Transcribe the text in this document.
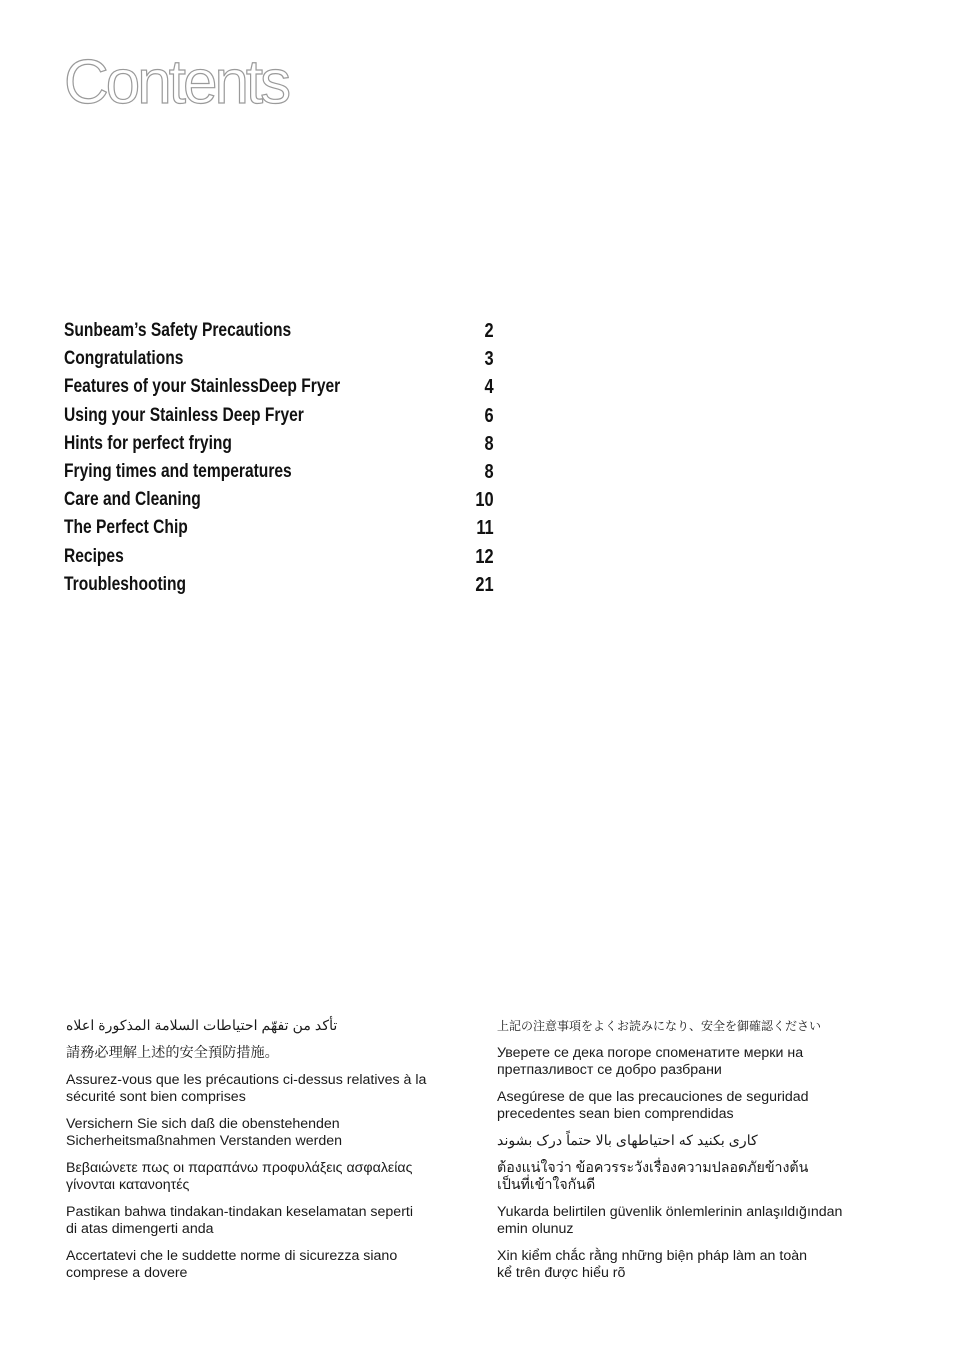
Contents
Sunbeam’s Safety Precautions	2
Congratulations	3
Features of your StainlessDeep Fryer	4
Using your Stainless Deep Fryer	6
Hints for perfect frying	8
Frying times and temperatures	8
Care and Cleaning	10
The Perfect Chip	11
Recipes	12
Troubleshooting	21

تأكد من تفهّم احتياطات السلامة المذكورة اعلاه

請務必理解上述的安全預防措施。

Assurez-vous que les précautions ci-dessus relatives à la
sécurité sont bien comprises

Versichern Sie sich daß die obenstehenden
Sicherheitsmaßnahmen Verstanden werden

Βεβαιώνετε πως οι παραπάνω προφυλάξεις ασφαλείας
γίνονται κατανοητές

Pastikan bahwa tindakan-tindakan keselamatan seperti
di atas dimengerti anda

Accertatevi che le suddette norme di sicurezza siano
comprese a dovere

上記の注意事項をよくお読みになり、安全を御確認ください

Уверете се дека погоре споменатите мерки на
претпазливост се добро разбрани

Asegúrese de que las precauciones de seguridad
precedentes sean bien comprendidas

کاری بکنید که احتیاطهای بالا حتماً درک بشوند

ต้องแน่ใจว่า ข้อควรระวังเรื่องความปลอดภัยข้างต้น
เป็นที่เข้าใจกันดี

Yukarda belirtilen güvenlik önlemlerinin anlaşıldığından
emin olunuz

Xin kiểm chắc rằng những biện pháp làm an toàn
kể trên được hiểu rõ
